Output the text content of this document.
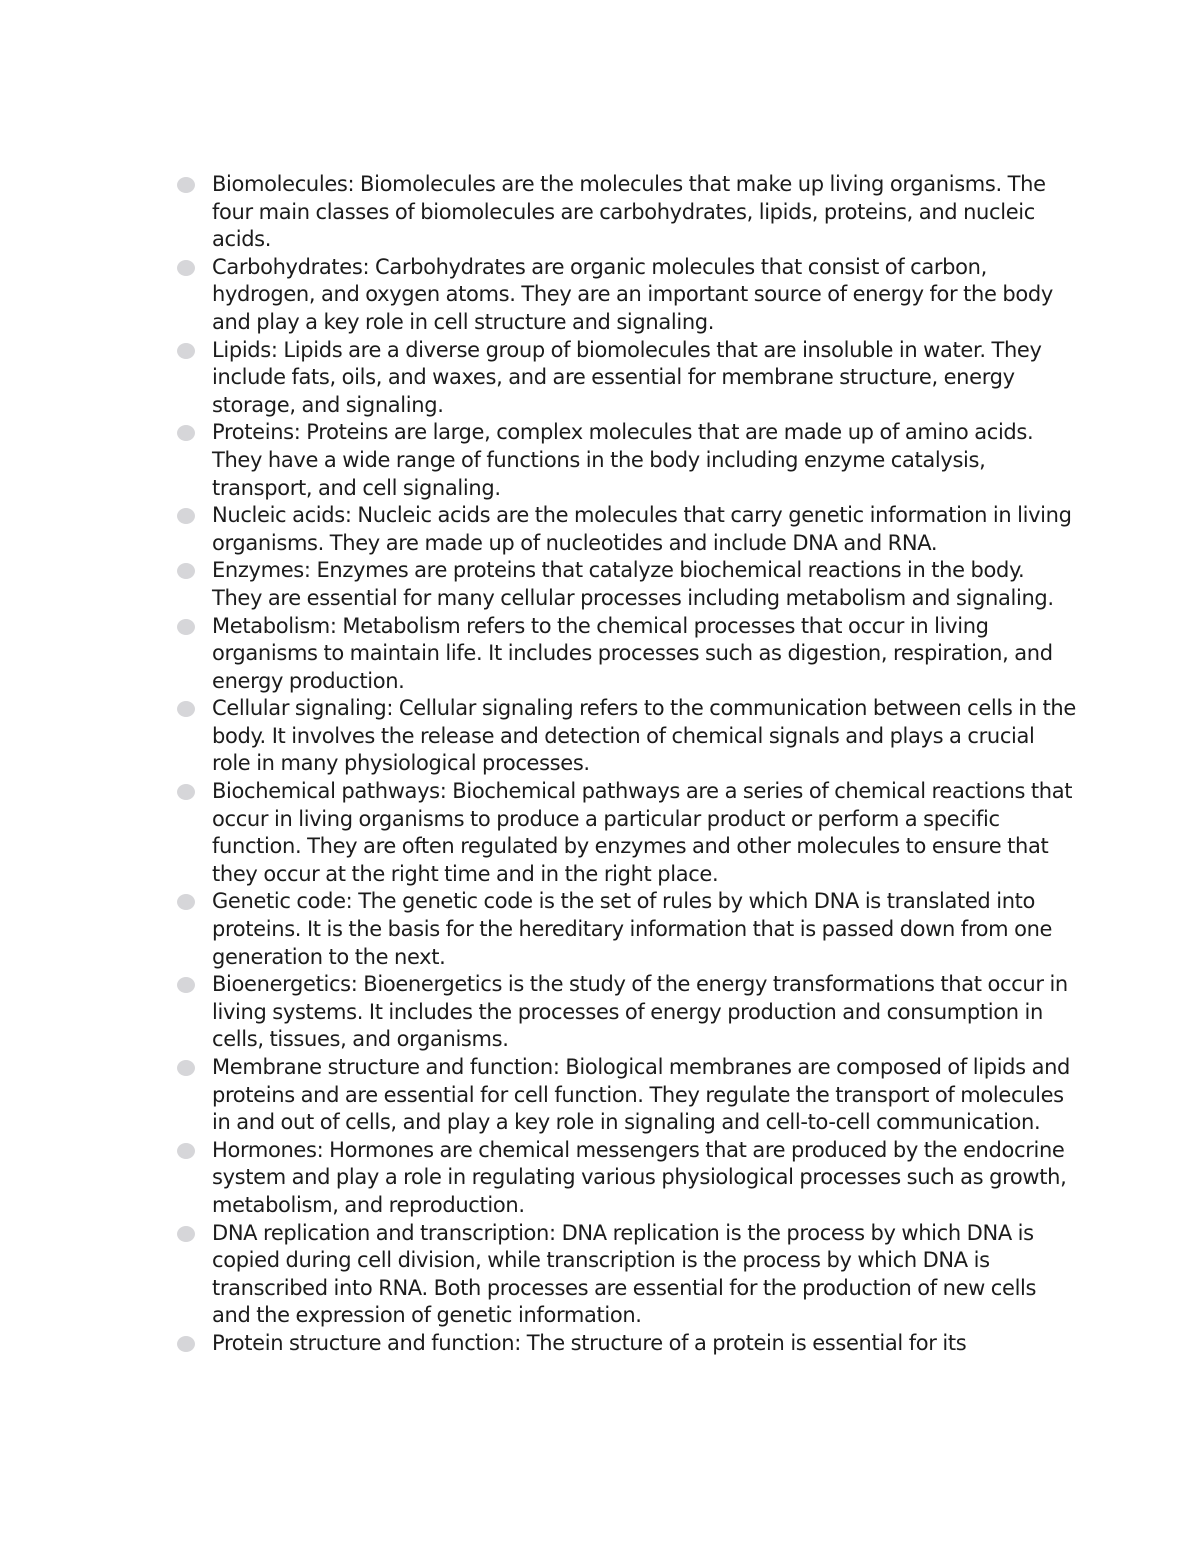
Biomolecules: Biomolecules are the molecules that make up living organisms. The four main classes of biomolecules are carbohydrates, lipids, proteins, and nucleic acids.
Carbohydrates: Carbohydrates are organic molecules that consist of carbon, hydrogen, and oxygen atoms. They are an important source of energy for the body and play a key role in cell structure and signaling.
Lipids: Lipids are a diverse group of biomolecules that are insoluble in water. They include fats, oils, and waxes, and are essential for membrane structure, energy storage, and signaling.
Proteins: Proteins are large, complex molecules that are made up of amino acids. They have a wide range of functions in the body including enzyme catalysis, transport, and cell signaling.
Nucleic acids: Nucleic acids are the molecules that carry genetic information in living organisms. They are made up of nucleotides and include DNA and RNA.
Enzymes: Enzymes are proteins that catalyze biochemical reactions in the body. They are essential for many cellular processes including metabolism and signaling.
Metabolism: Metabolism refers to the chemical processes that occur in living organisms to maintain life. It includes processes such as digestion, respiration, and energy production.
Cellular signaling: Cellular signaling refers to the communication between cells in the body. It involves the release and detection of chemical signals and plays a crucial role in many physiological processes.
Biochemical pathways: Biochemical pathways are a series of chemical reactions that occur in living organisms to produce a particular product or perform a specific function. They are often regulated by enzymes and other molecules to ensure that they occur at the right time and in the right place.
Genetic code: The genetic code is the set of rules by which DNA is translated into proteins. It is the basis for the hereditary information that is passed down from one generation to the next.
Bioenergetics: Bioenergetics is the study of the energy transformations that occur in living systems. It includes the processes of energy production and consumption in cells, tissues, and organisms.
Membrane structure and function: Biological membranes are composed of lipids and proteins and are essential for cell function. They regulate the transport of molecules in and out of cells, and play a key role in signaling and cell-to-cell communication.
Hormones: Hormones are chemical messengers that are produced by the endocrine system and play a role in regulating various physiological processes such as growth, metabolism, and reproduction.
DNA replication and transcription: DNA replication is the process by which DNA is copied during cell division, while transcription is the process by which DNA is transcribed into RNA. Both processes are essential for the production of new cells and the expression of genetic information.
Protein structure and function: The structure of a protein is essential for its
